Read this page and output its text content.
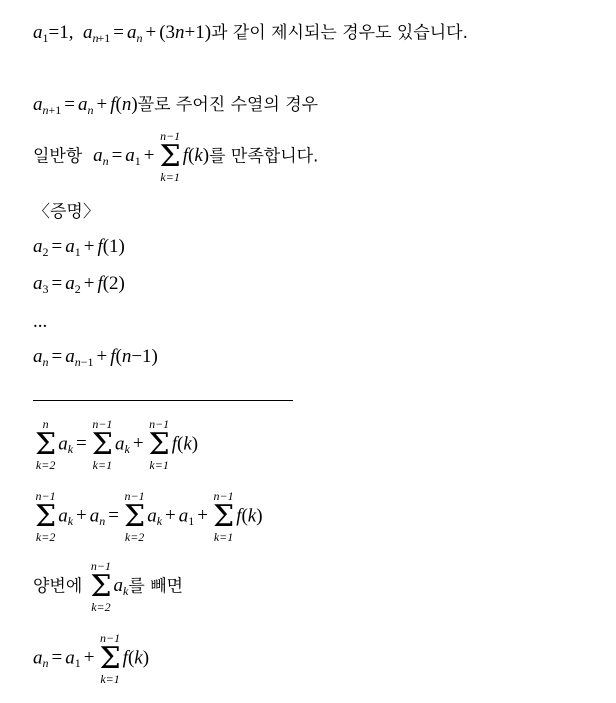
$a_1=1$,  $a_{n+1} = a_n + (3n+1)$과 같이 제시되는 경우도 있습니다.
$a_{n+1} = a_n + f(n)$꼴로 주어진 수열의 경우
일반항 $a_n = a_1$ +
n−1
Σ
k=1
f(k)를 만족합니다.
〈증명〉
$a_2 = a_1 + f(1)$
$a_3 = a_2 + f(2)$
...
$a_n = a_{n-1} + f(n-1)$
n
Σ
k=2
$a_k$ =
n−1
Σ
k=1
$a_k$ +
n−1
Σ
k=1
f(k)
n−1
Σ
k=2
$a_k + a_n$ =
n−1
Σ
k=2
$a_k + a_1$ +
n−1
Σ
k=1
f(k)
양변에
n−1
Σ
k=2
$a_k$를 빼면
$a_n = a_1$ +
n−1
Σ
k=1
f(k)
